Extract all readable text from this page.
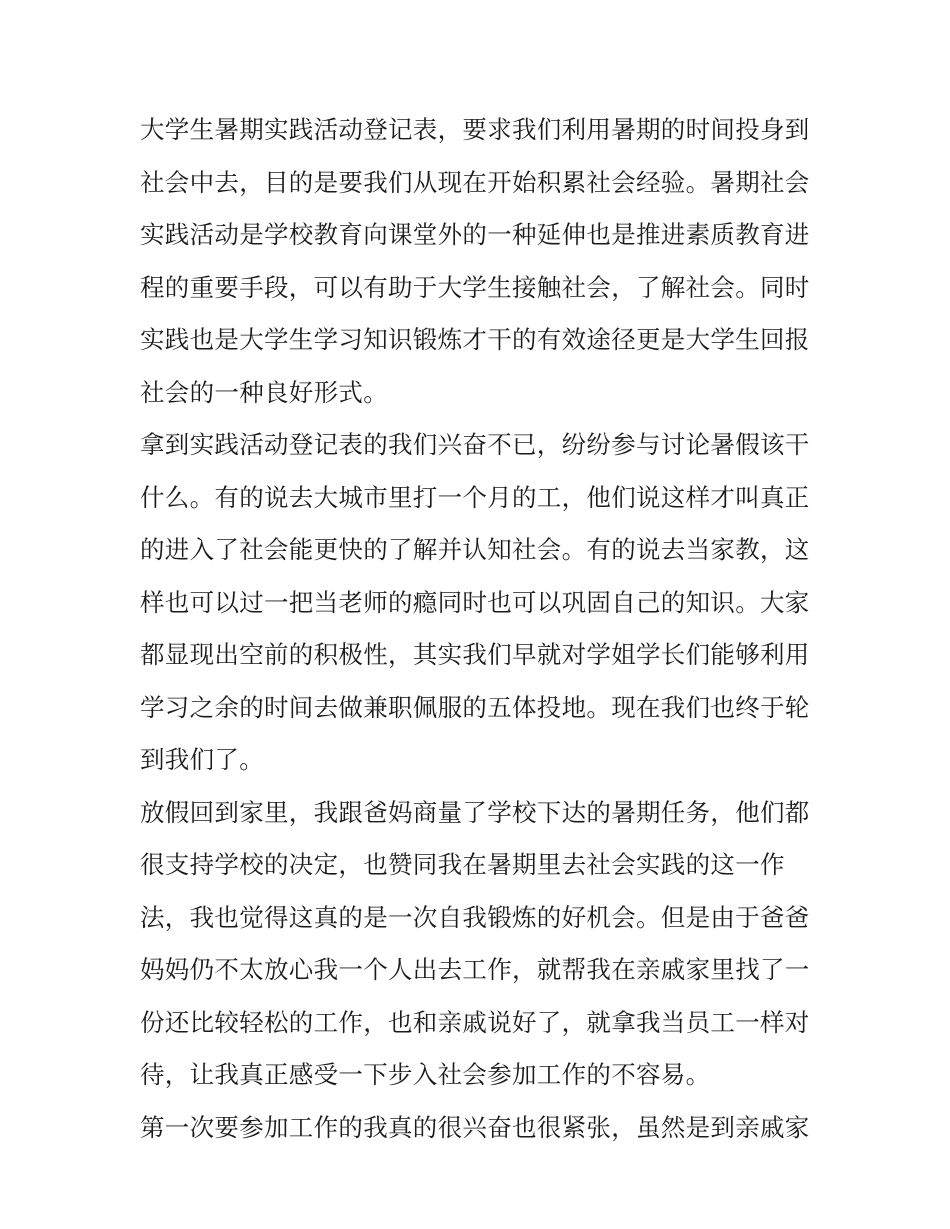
大学生暑期实践活动登记表，要求我们利用暑期的时间投身到
社会中去，目的是要我们从现在开始积累社会经验。暑期社会
实践活动是学校教育向课堂外的一种延伸也是推进素质教育进
程的重要手段，可以有助于大学生接触社会，了解社会。同时
实践也是大学生学习知识锻炼才干的有效途径更是大学生回报
社会的一种良好形式。
拿到实践活动登记表的我们兴奋不已，纷纷参与讨论暑假该干
什么。有的说去大城市里打一个月的工，他们说这样才叫真正
的进入了社会能更快的了解并认知社会。有的说去当家教，这
样也可以过一把当老师的瘾同时也可以巩固自己的知识。大家
都显现出空前的积极性，其实我们早就对学姐学长们能够利用
学习之余的时间去做兼职佩服的五体投地。现在我们也终于轮
到我们了。
放假回到家里，我跟爸妈商量了学校下达的暑期任务，他们都
很支持学校的决定，也赞同我在暑期里去社会实践的这一作
法，我也觉得这真的是一次自我锻炼的好机会。但是由于爸爸
妈妈仍不太放心我一个人出去工作，就帮我在亲戚家里找了一
份还比较轻松的工作，也和亲戚说好了，就拿我当员工一样对
待，让我真正感受一下步入社会参加工作的不容易。
第一次要参加工作的我真的很兴奋也很紧张，虽然是到亲戚家
